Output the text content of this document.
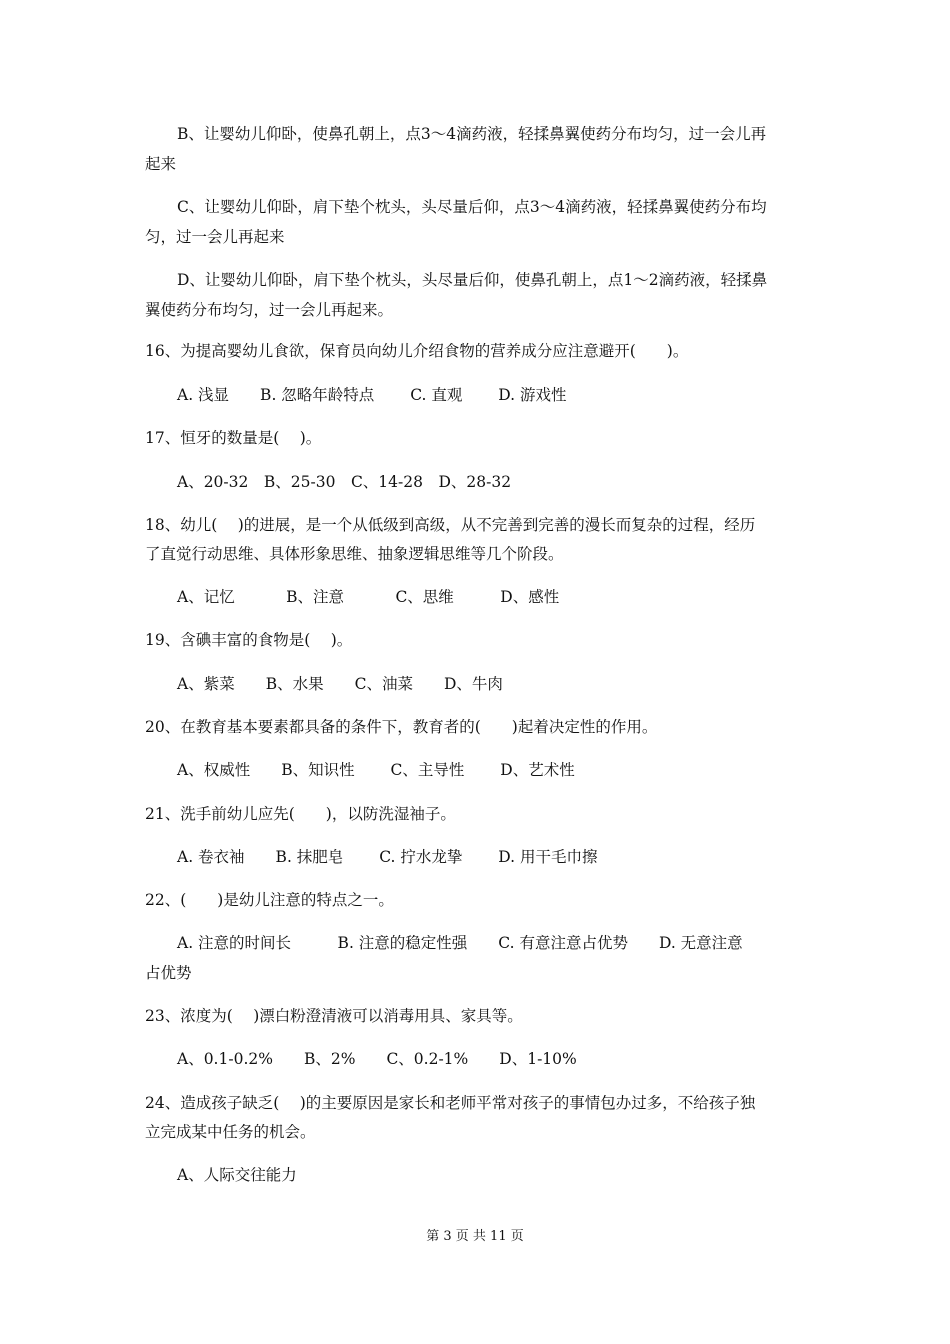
B、让婴幼儿仰卧，使鼻孔朝上，点3～4滴药液，轻揉鼻翼使药分布均匀，过一会儿再
起来
C、让婴幼儿仰卧，肩下垫个枕头，头尽量后仰，点3～4滴药液，轻揉鼻翼使药分布均
匀，过一会儿再起来
D、让婴幼儿仰卧，肩下垫个枕头，头尽量后仰，使鼻孔朝上，点1～2滴药液，轻揉鼻
翼使药分布均匀，过一会儿再起来。
16、为提高婴幼儿食欲，保育员向幼儿介绍食物的营养成分应注意避开(　　)。
A. 浅显　　B. 忽略年龄特点　　 C. 直观　　 D. 游戏性
17、恒牙的数量是(　 )。
A、20-32　B、25-30　C、14-28　D、28-32
18、幼儿(　 )的进展，是一个从低级到高级，从不完善到完善的漫长而复杂的过程，经历
了直觉行动思维、具体形象思维、抽象逻辑思维等几个阶段。
A、记忆　　　 B、注意　　　 C、思维　　　D、感性
19、含碘丰富的食物是(　 )。
A、紫菜　　B、水果　　C、油菜　　D、牛肉
20、在教育基本要素都具备的条件下，教育者的(　　)起着决定性的作用。
A、权威性　　B、知识性　　 C、主导性　　 D、艺术性
21、洗手前幼儿应先(　　)，以防洗湿袖子。
A. 卷衣袖　　B. 抹肥皂　　 C. 拧水龙挚　　 D. 用干毛巾擦
22、(　　)是幼儿注意的特点之一。
A. 注意的时间长　　　B. 注意的稳定性强　　C. 有意注意占优势　　D. 无意注意
占优势
23、浓度为(　 )漂白粉澄清液可以消毒用具、家具等。
A、0.1-0.2%　　B、2%　　C、0.2-1%　　D、1-10%
24、造成孩子缺乏(　 )的主要原因是家长和老师平常对孩子的事情包办过多，不给孩子独
立完成某中任务的机会。
A、人际交往能力
第 3 页 共 11 页
